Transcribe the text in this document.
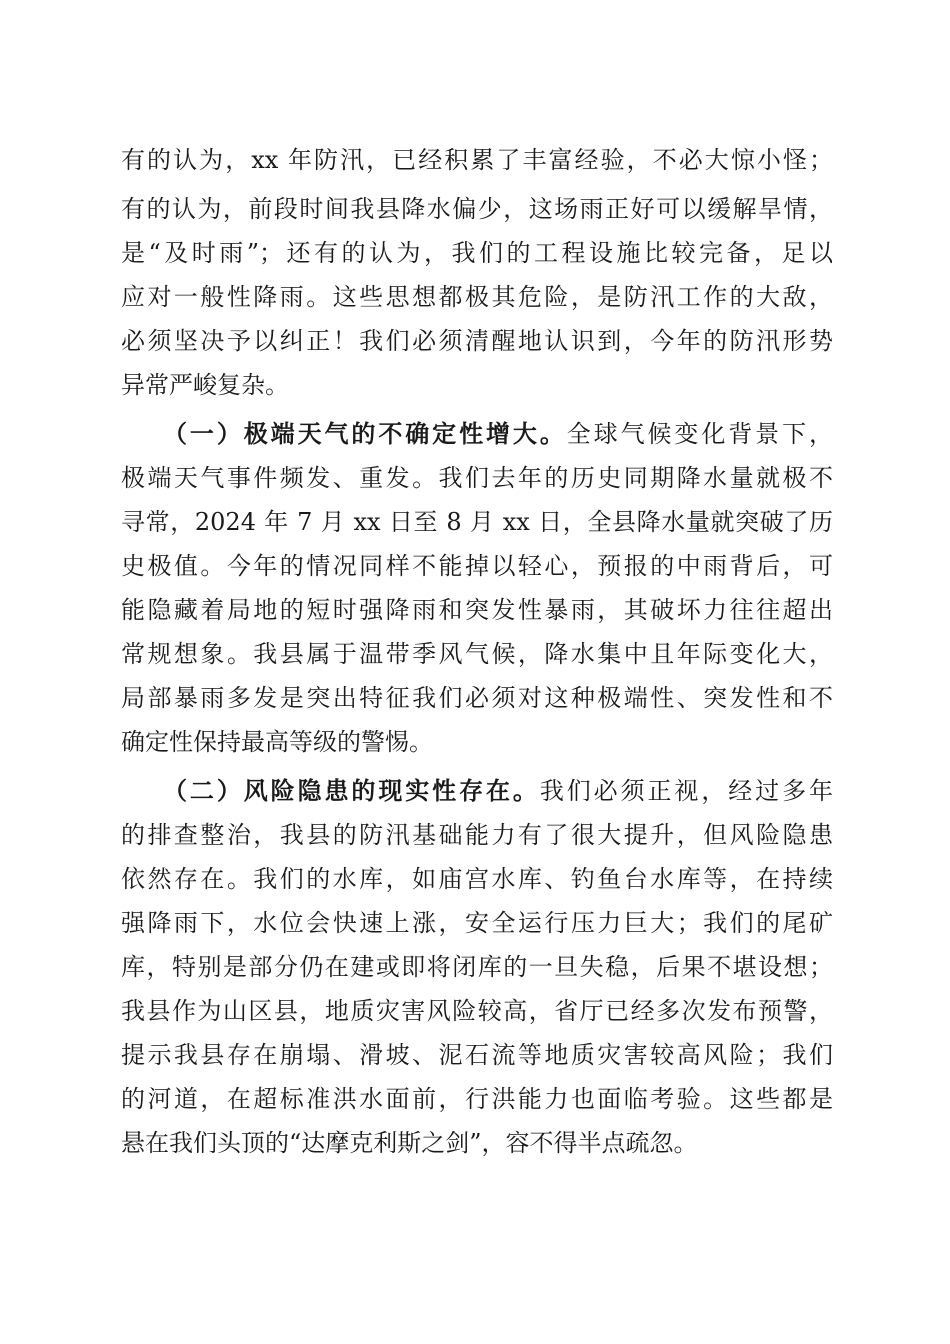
有的认为，xx 年防汛，已经积累了丰富经验，不必大惊小怪；
有的认为，前段时间我县降水偏少，这场雨正好可以缓解旱情，
是“及时雨”；还有的认为，我们的工程设施比较完备，足以
应对一般性降雨。这些思想都极其危险，是防汛工作的大敌，
必须坚决予以纠正！我们必须清醒地认识到，今年的防汛形势
异常严峻复杂。
（一）极端天气的不确定性增大。全球气候变化背景下，
极端天气事件频发、重发。我们去年的历史同期降水量就极不
寻常，2024 年 7 月 xx 日至 8 月 xx 日，全县降水量就突破了历
史极值。今年的情况同样不能掉以轻心，预报的中雨背后，可
能隐藏着局地的短时强降雨和突发性暴雨，其破坏力往往超出
常规想象。我县属于温带季风气候，降水集中且年际变化大，
局部暴雨多发是突出特征我们必须对这种极端性、突发性和不
确定性保持最高等级的警惕。
（二）风险隐患的现实性存在。我们必须正视，经过多年
的排查整治，我县的防汛基础能力有了很大提升，但风险隐患
依然存在。我们的水库，如庙宫水库、钓鱼台水库等，在持续
强降雨下，水位会快速上涨，安全运行压力巨大；我们的尾矿
库，特别是部分仍在建或即将闭库的一旦失稳，后果不堪设想；
我县作为山区县，地质灾害风险较高，省厅已经多次发布预警，
提示我县存在崩塌、滑坡、泥石流等地质灾害较高风险；我们
的河道，在超标准洪水面前，行洪能力也面临考验。这些都是
悬在我们头顶的“达摩克利斯之剑”，容不得半点疏忽。
